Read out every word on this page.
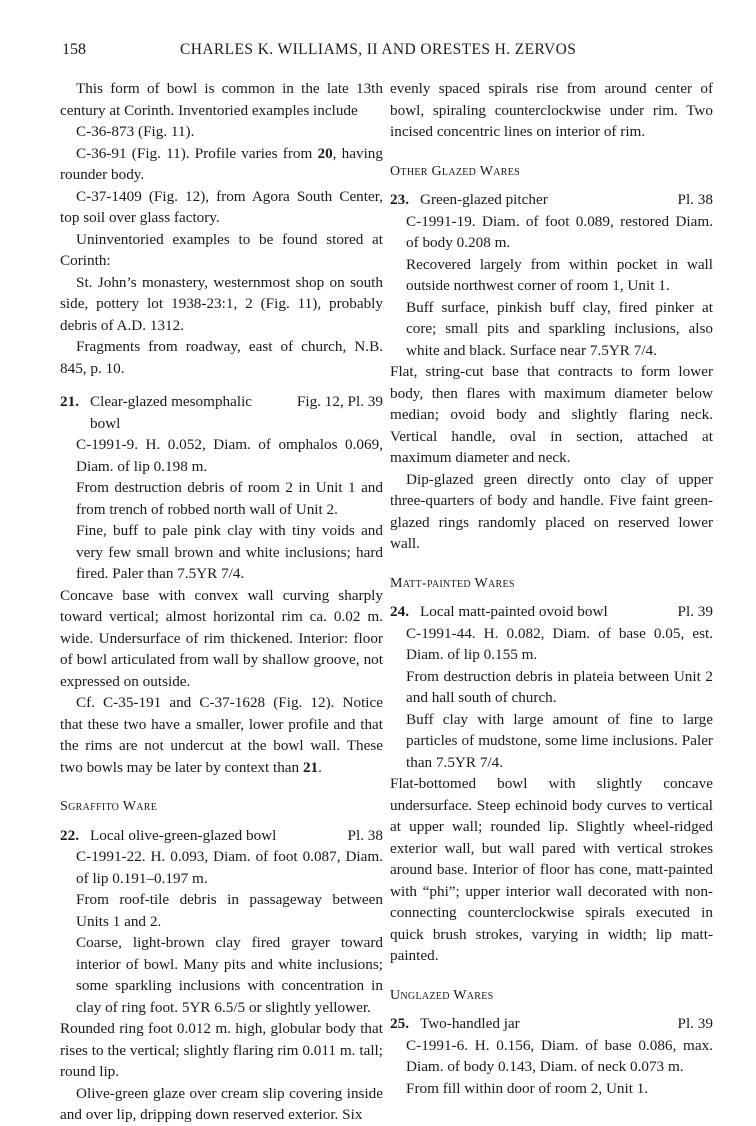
158	CHARLES K. WILLIAMS, II AND ORESTES H. ZERVOS

This form of bowl is common in the late 13th century at Corinth. Inventoried examples include

C-36-873 (Fig. 11).

C-36-91 (Fig. 11). Profile varies from 20, having rounder body.

C-37-1409 (Fig. 12), from Agora South Center, top soil over glass factory.

Uninventoried examples to be found stored at Corinth:

St. John’s monastery, westernmost shop on south side, pottery lot 1938-23:1, 2 (Fig. 11), probably debris of A.D. 1312.

Fragments from roadway, east of church, N.B. 845, p. 10.

21. Clear-glazed mesomphalic
bowl
Fig. 12, Pl. 39

C-1991-9. H. 0.052, Diam. of omphalos 0.069, Diam. of lip 0.198 m.

From destruction debris of room 2 in Unit 1 and from trench of robbed north wall of Unit 2.

Fine, buff to pale pink clay with tiny voids and very few small brown and white inclusions; hard fired. Paler than 7.5YR 7/4.

Concave base with convex wall curving sharply toward vertical; almost horizontal rim ca. 0.02 m. wide. Undersurface of rim thickened. Interior: floor of bowl articulated from wall by shallow groove, not expressed on outside.

Cf. C-35-191 and C-37-1628 (Fig. 12). Notice that these two have a smaller, lower profile and that the rims are not undercut at the bowl wall. These two bowls may be later by context than 21.

Sgraffito Ware

22. Local olive-green-glazed bowl	Pl. 38

C-1991-22. H. 0.093, Diam. of foot 0.087, Diam. of lip 0.191–0.197 m.

From roof-tile debris in passageway between Units 1 and 2.

Coarse, light-brown clay fired grayer toward interior of bowl. Many pits and white inclusions; some sparkling inclusions with concentration in clay of ring foot. 5YR 6.5/5 or slightly yellower.

Rounded ring foot 0.012 m. high, globular body that rises to the vertical; slightly flaring rim 0.011 m. tall; round lip.

Olive-green glaze over cream slip covering inside and over lip, dripping down reserved exterior. Six

evenly spaced spirals rise from around center of bowl, spiraling counterclockwise under rim. Two incised concentric lines on interior of rim.

Other Glazed Wares

23. Green-glazed pitcher	Pl. 38

C-1991-19. Diam. of foot 0.089, restored Diam. of body 0.208 m.

Recovered largely from within pocket in wall outside northwest corner of room 1, Unit 1.

Buff surface, pinkish buff clay, fired pinker at core; small pits and sparkling inclusions, also white and black. Surface near 7.5YR 7/4.

Flat, string-cut base that contracts to form lower body, then flares with maximum diameter below median; ovoid body and slightly flaring neck. Vertical handle, oval in section, attached at maximum diameter and neck.

Dip-glazed green directly onto clay of upper three-quarters of body and handle. Five faint green-glazed rings randomly placed on reserved lower wall.

Matt-painted Wares

24. Local matt-painted ovoid bowl	Pl. 39

C-1991-44. H. 0.082, Diam. of base 0.05, est. Diam. of lip 0.155 m.

From destruction debris in plateia between Unit 2 and hall south of church.

Buff clay with large amount of fine to large particles of mudstone, some lime inclusions. Paler than 7.5YR 7/4.

Flat-bottomed bowl with slightly concave undersurface. Steep echinoid body curves to vertical at upper wall; rounded lip. Slightly wheel-ridged exterior wall, but wall pared with vertical strokes around base. Interior of floor has cone, matt-painted with “phi”; upper interior wall decorated with non-connecting counterclockwise spirals executed in quick brush strokes, varying in width; lip matt-painted.

Unglazed Wares

25. Two-handled jar	Pl. 39

C-1991-6. H. 0.156, Diam. of base 0.086, max. Diam. of body 0.143, Diam. of neck 0.073 m.

From fill within door of room 2, Unit 1.
